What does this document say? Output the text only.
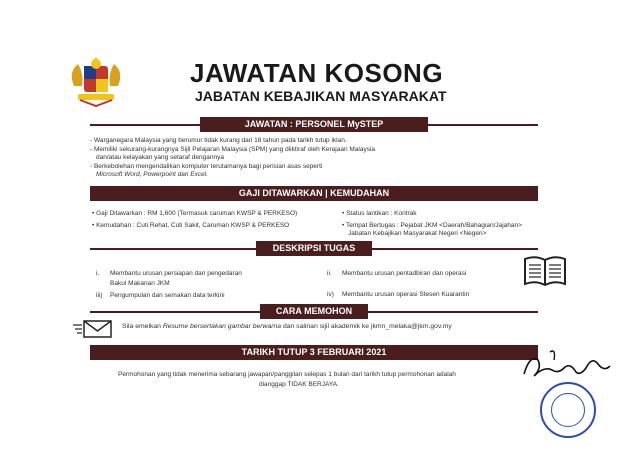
JAWATAN KOSONG
JABATAN KEBAJIKAN MASYARAKAT
JAWATAN : PERSONEL MySTEP
- Warganegara Malaysia yang berumur tidak kurang dari 18 tahun pada tarikh tutup iklan.
- Memiliki sekurang-kurangnya Sijil Pelajaran Malaysia (SPM) yang diiktiraf oleh Kerajaan Malaysia
dan/atau kelayakan yang setaraf dengannya
- Berkebolehan mengendalikan komputer terutamanya bagi perisian asas seperti
Microsoft Word, Powerpoint dan Excel.
GAJI DITAWARKAN | KEMUDAHAN
• Gaji Ditawarkan : RM 1,600 (Termasuk caruman KWSP & PERKESO)
• Kemudahan : Cuti Rehat, Cuti Sakit, Caruman KWSP & PERKESO
• Status lantikan : Kontrak
• Tempat Bertugas : Pejabat JKM <Daerah/Bahagian/Jajahan>
Jabatan Kebajikan Masyarakat Negeri <Negeri>
DESKRIPSI TUGAS
i. Membantu urusan persiapan dan pengedaran
Bakul Makanan JKM
iii) Pengumpulan dan semakan data terkini
ii. Membantu urusan pentadbiran dan operasi
iv) Membantu urusan operasi Stesen Kuarantin
CARA MEMOHON
Sila emelkan Resume bersertakan gambar berwarna dan salinan sijil akademik ke jkmn_melaka@jkm.gov.my
TARIKH TUTUP 3 FEBRUARI 2021
Permohonan yang tidak menerima sebarang jawapan/panggilan selepas 1 bulan dari tarikh tutup permohonan adalah
dianggap TIDAK BERJAYA.
